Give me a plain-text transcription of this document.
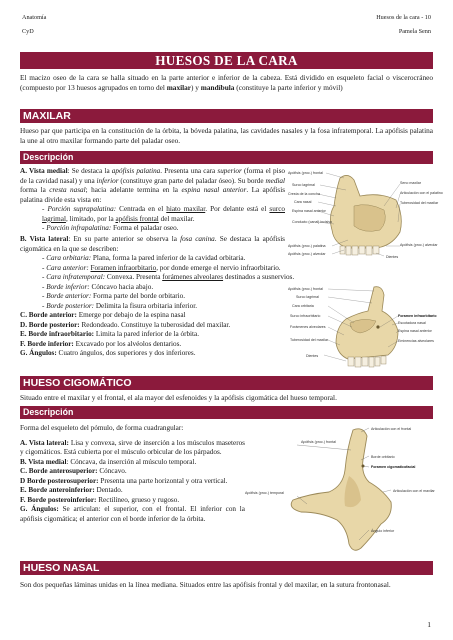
Anatomía	Huesos de la cara - 10
CyD	Pamela Senn
HUESOS DE LA CARA
El macizo oseo de la cara se halla situado en la parte anterior e inferior de la cabeza. Está dividido en esqueleto facial o viscerocráneo (compuesto por 13 huesos agrupados en torno del maxilar) y mandíbula (constituye la parte inferior y móvil)
MAXILAR
Hueso par que participa en la constitución de la órbita, la bóveda palatina, las cavidades nasales y la fosa infratemporal. La apófisis palatina la une al otro maxilar formando parte del paladar oseo.
Descripción
A. Vista medial: Se destaca la apófisis palatina. Presenta una cara superior (forma el piso de la cavidad nasal) y una inferior (constituye gran parte del paladar óseo). Su borde medial forma la cresta nasal; hacia adelante termina en la espina nasal anterior. La apófisis palatina divide esta vista en:
- Porción suprapalatina: Centrada en el hiato maxilar. Por delante está el surco lagrimal, limitado, por la apófisis frontal del maxilar.
- Porción infrapalatina: Forma el paladar oseo.
B. Vista lateral: En su parte anterior se observa la fosa canina. Se destaca la apófisis cigomática en la que se describen:
- Cara orbitaria: Plana, forma la pared inferior de la cavidad orbitaria.
- Cara anterior: Foramen infraorbitario, por donde emerge el nervio infraorbitario.
- Cara infratemporal: Convexa. Presenta forámenes alveolares destinados a susnervios.
- Borde inferior: Cóncavo hacia abajo.
- Borde anterior: Forma parte del borde orbitario.
- Borde posterior: Delimita la fisura orbitaria inferior.
C. Borde anterior: Emerge por debajo de la espina nasal
D. Borde posterior: Redondeado. Constituye la tuberosidad del maxilar.
E. Borde infraorbitario: Limita la pared inferior de la órbita.
F. Borde inferior: Excavado por los alvéolos dentarios.
G. Ángulos: Cuatro ángulos, dos superiores y dos inferiores.
Apófisis (proc.) frontal
Surco lagrimal
Cresta de la concha
Cara nasal
Espina nasal anterior
Conducto (canal) incisivo
Apófisis (proc.) palatina
Apófisis (proc.) alveolar
Seno maxilar
Articulación con el palatino
Tuberosidad del maxilar
Apófisis (proc.) alveolar
Dientes
Apófisis (proc.) frontal
Surco lagrimal
Cara orbitaria
Surco infraorbitario
Forámenes alveolares
Tuberosidad del maxilar
Dientes
Foramen infraorbitario
Escotadura nasal
Espina nasal anterior
Eminencias alveolares
HUESO CIGOMÁTICO
Situado entre el maxilar y el frontal, el ala mayor del esfenoides y la apófisis cigomática del hueso temporal.
Descripción
Forma del esqueleto del pómulo, de forma cuadrangular:
A. Vista lateral: Lisa y convexa, sirve de inserción a los músculos maseteros y cigomáticos. Está cubierta por el músculo orbicular de los párpados.
B. Vista medial: Cóncava, da inserción al músculo temporal.
C. Borde anterosuperior: Cóncavo.
D Borde posterosuperior: Presenta una parte horizontal y otra vertical.
E. Borde anteroinferior: Dentado.
F. Borde posteroinferior: Rectilíneo, grueso y rugoso.
G. Ángulos: Se articulan: el superior, con el frontal. El inferior con la apófisis cigomática; el anterior con el borde inferior de la órbita.
Articulación con el frontal
Apófisis (proc.) frontal
Borde orbitario
Foramen cigomaticofacial
Apófisis (proc.) temporal	Articulación con el maxilar
Ángulo inferior
HUESO NASAL
Son dos pequeñas láminas unidas en la línea mediana. Situados entre las apófisis frontal y del maxilar, en la sutura frontonasal.
1
